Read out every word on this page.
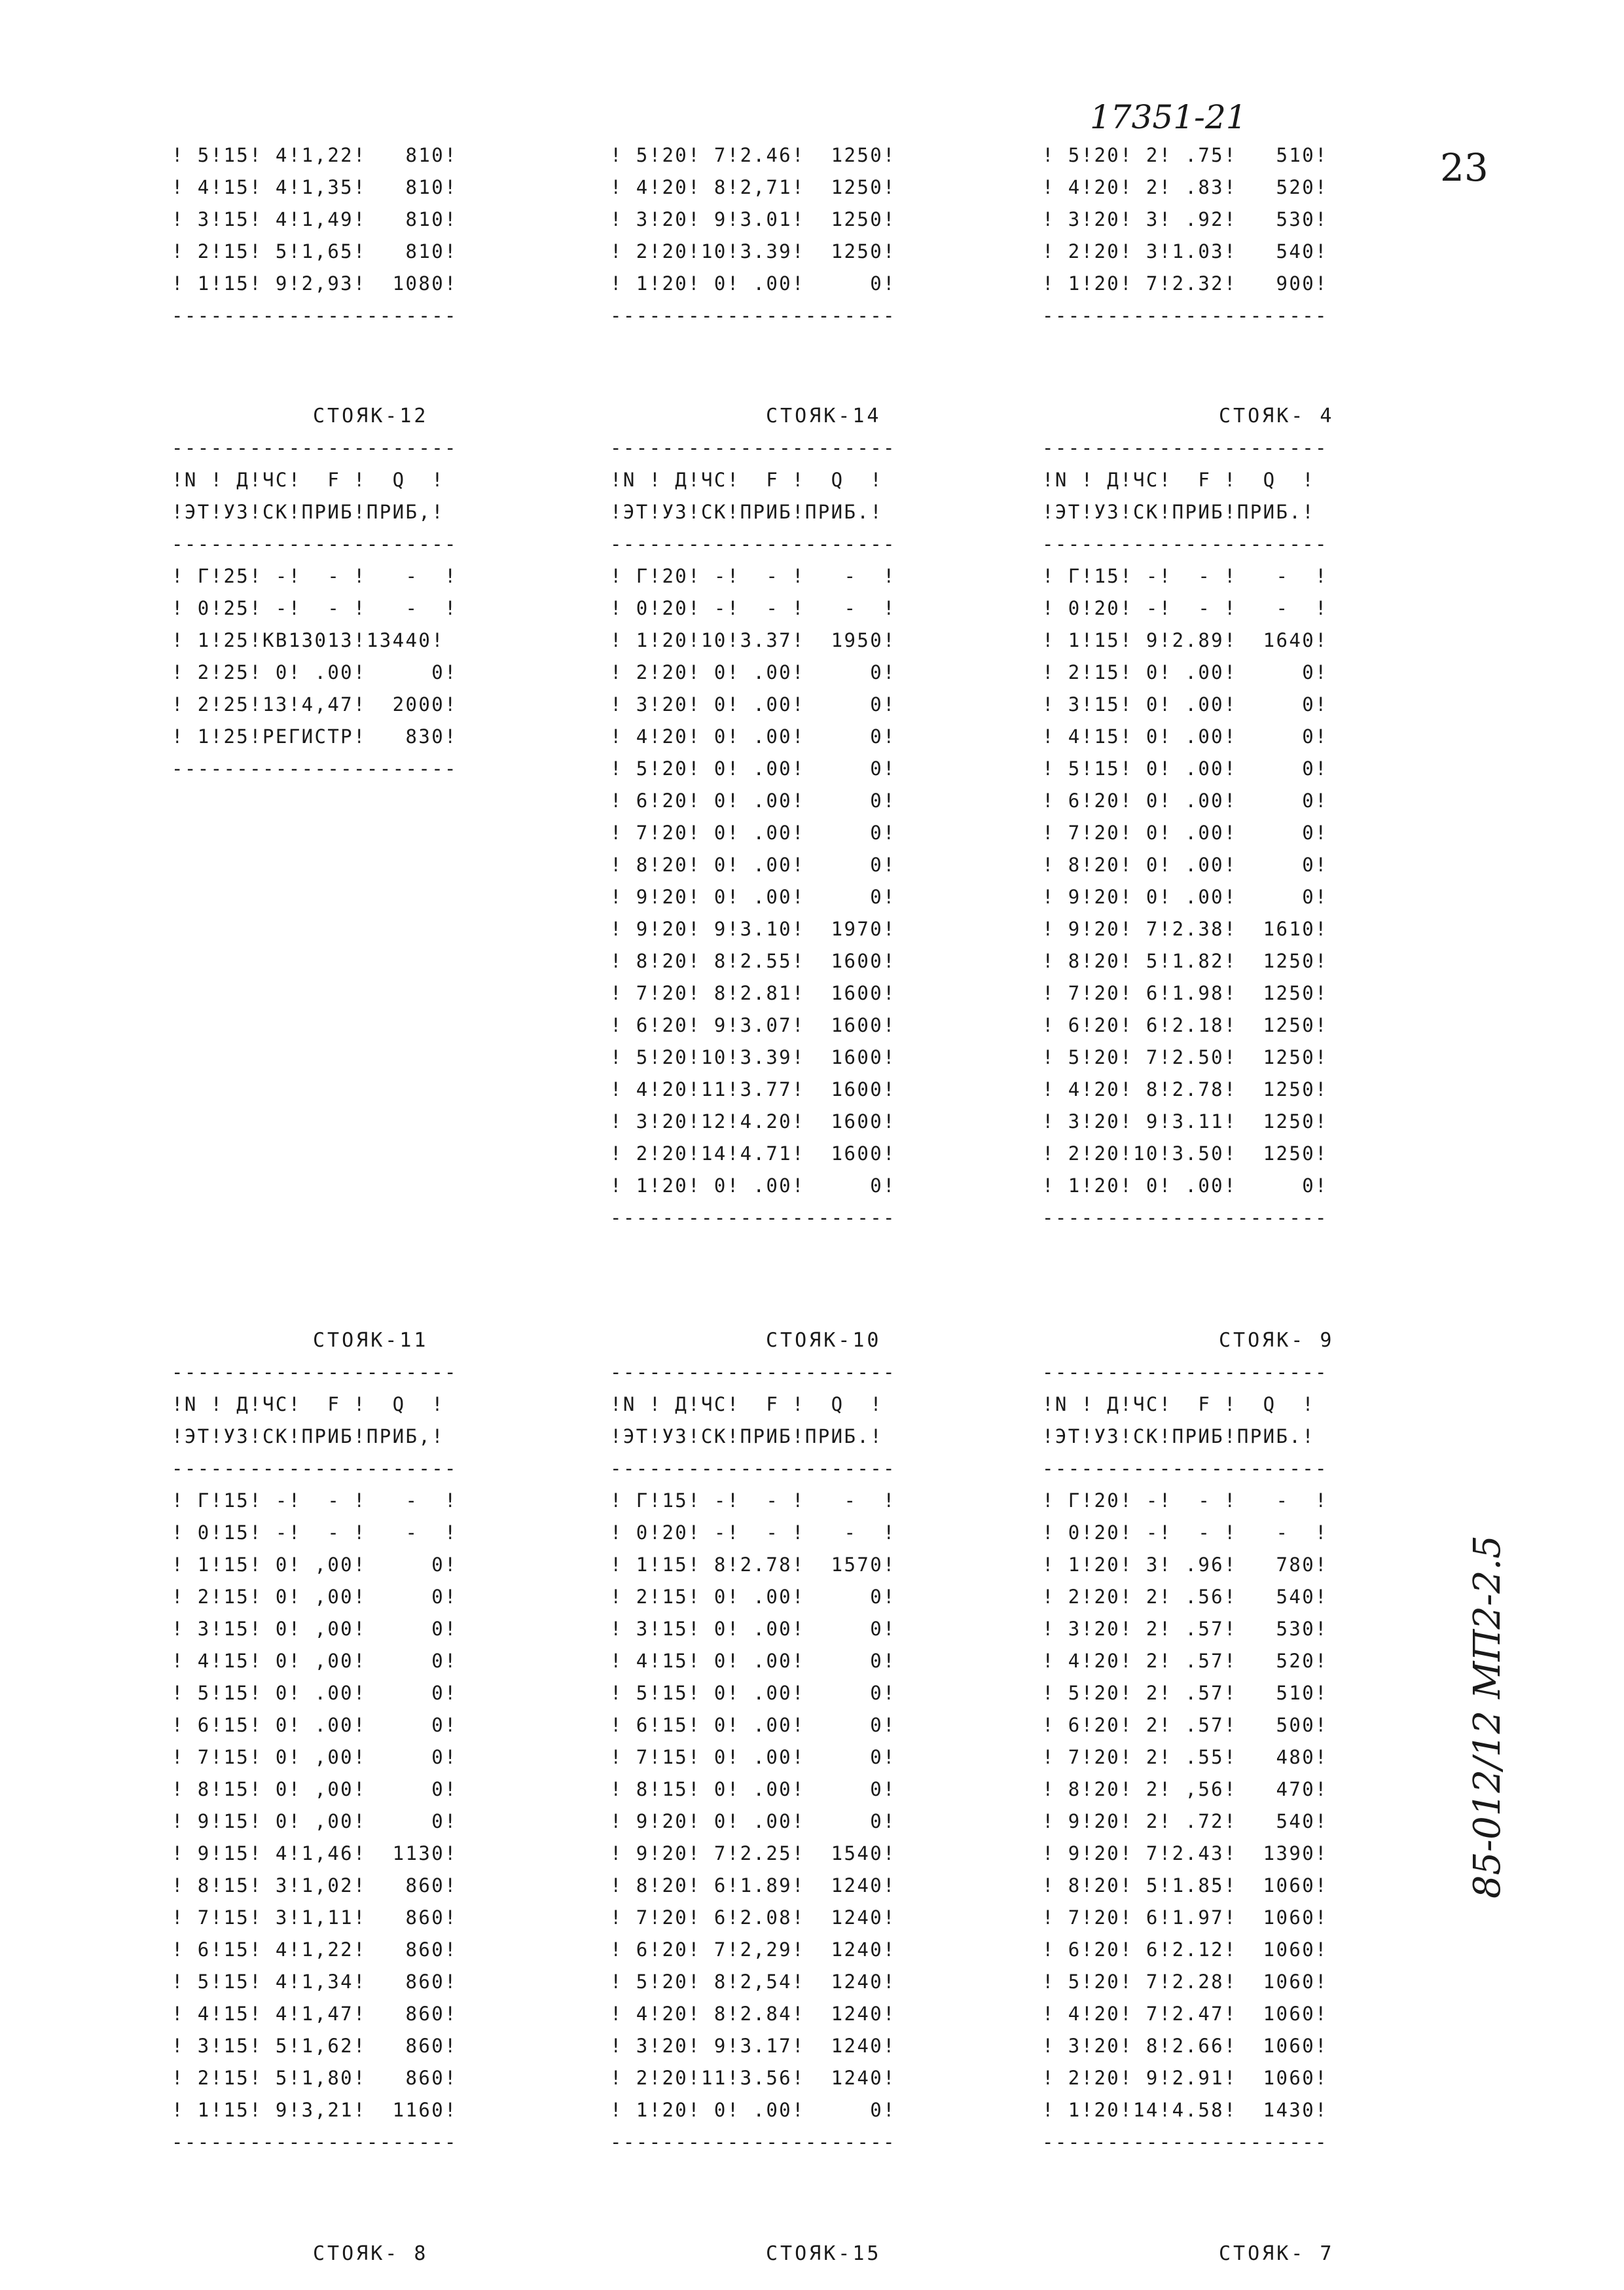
17351-21
23
85-012/12 МП2-2.5
! 5!15! 4!1,22!   810!
! 4!15! 4!1,35!   810!
! 3!15! 4!1,49!   810!
! 2!15! 5!1,65!   810!
! 1!15! 9!2,93!  1080!
----------------------
! 5!20! 7!2.46!  1250!
! 4!20! 8!2,71!  1250!
! 3!20! 9!3.01!  1250!
! 2!20!10!3.39!  1250!
! 1!20! 0! .00!     0!
----------------------
! 5!20! 2! .75!   510!
! 4!20! 2! .83!   520!
! 3!20! 3! .92!   530!
! 2!20! 3!1.03!   540!
! 1!20! 7!2.32!   900!
----------------------
СТОЯК-12	СТОЯК-14	СТОЯК- 4
----------------------
!N ! Д!ЧС!  F !  Q  !
!ЭТ!УЗ!СК!ПРИБ!ПРИБ,!
----------------------
! Г!25! -!  - !   -  !
! 0!25! -!  - !   -  !
! 1!25!КВ13013!13440!
! 2!25! 0! .00!     0!
! 2!25!13!4,47!  2000!
! 1!25!РЕГИСТР!   830!
----------------------
----------------------
!N ! Д!ЧС!  F !  Q  !
!ЭТ!УЗ!СК!ПРИБ!ПРИБ.!
----------------------
! Г!20! -!  - !   -  !
! 0!20! -!  - !   -  !
! 1!20!10!3.37!  1950!
! 2!20! 0! .00!     0!
! 3!20! 0! .00!     0!
! 4!20! 0! .00!     0!
! 5!20! 0! .00!     0!
! 6!20! 0! .00!     0!
! 7!20! 0! .00!     0!
! 8!20! 0! .00!     0!
! 9!20! 0! .00!     0!
! 9!20! 9!3.10!  1970!
! 8!20! 8!2.55!  1600!
! 7!20! 8!2.81!  1600!
! 6!20! 9!3.07!  1600!
! 5!20!10!3.39!  1600!
! 4!20!11!3.77!  1600!
! 3!20!12!4.20!  1600!
! 2!20!14!4.71!  1600!
! 1!20! 0! .00!     0!
----------------------
----------------------
!N ! Д!ЧС!  F !  Q  !
!ЭТ!УЗ!СК!ПРИБ!ПРИБ.!
----------------------
! Г!15! -!  - !   -  !
! 0!20! -!  - !   -  !
! 1!15! 9!2.89!  1640!
! 2!15! 0! .00!     0!
! 3!15! 0! .00!     0!
! 4!15! 0! .00!     0!
! 5!15! 0! .00!     0!
! 6!20! 0! .00!     0!
! 7!20! 0! .00!     0!
! 8!20! 0! .00!     0!
! 9!20! 0! .00!     0!
! 9!20! 7!2.38!  1610!
! 8!20! 5!1.82!  1250!
! 7!20! 6!1.98!  1250!
! 6!20! 6!2.18!  1250!
! 5!20! 7!2.50!  1250!
! 4!20! 8!2.78!  1250!
! 3!20! 9!3.11!  1250!
! 2!20!10!3.50!  1250!
! 1!20! 0! .00!     0!
----------------------
СТОЯК-11	СТОЯК-10	СТОЯК- 9
----------------------
!N ! Д!ЧС!  F !  Q  !
!ЭТ!УЗ!СК!ПРИБ!ПРИБ,!
----------------------
! Г!15! -!  - !   -  !
! 0!15! -!  - !   -  !
! 1!15! 0! ,00!     0!
! 2!15! 0! ,00!     0!
! 3!15! 0! ,00!     0!
! 4!15! 0! ,00!     0!
! 5!15! 0! .00!     0!
! 6!15! 0! .00!     0!
! 7!15! 0! ,00!     0!
! 8!15! 0! ,00!     0!
! 9!15! 0! ,00!     0!
! 9!15! 4!1,46!  1130!
! 8!15! 3!1,02!   860!
! 7!15! 3!1,11!   860!
! 6!15! 4!1,22!   860!
! 5!15! 4!1,34!   860!
! 4!15! 4!1,47!   860!
! 3!15! 5!1,62!   860!
! 2!15! 5!1,80!   860!
! 1!15! 9!3,21!  1160!
----------------------
----------------------
!N ! Д!ЧС!  F !  Q  !
!ЭТ!УЗ!СК!ПРИБ!ПРИБ.!
----------------------
! Г!15! -!  - !   -  !
! 0!20! -!  - !   -  !
! 1!15! 8!2.78!  1570!
! 2!15! 0! .00!     0!
! 3!15! 0! .00!     0!
! 4!15! 0! .00!     0!
! 5!15! 0! .00!     0!
! 6!15! 0! .00!     0!
! 7!15! 0! .00!     0!
! 8!15! 0! .00!     0!
! 9!20! 0! .00!     0!
! 9!20! 7!2.25!  1540!
! 8!20! 6!1.89!  1240!
! 7!20! 6!2.08!  1240!
! 6!20! 7!2,29!  1240!
! 5!20! 8!2,54!  1240!
! 4!20! 8!2.84!  1240!
! 3!20! 9!3.17!  1240!
! 2!20!11!3.56!  1240!
! 1!20! 0! .00!     0!
----------------------
----------------------
!N ! Д!ЧС!  F !  Q  !
!ЭТ!УЗ!СК!ПРИБ!ПРИБ.!
----------------------
! Г!20! -!  - !   -  !
! 0!20! -!  - !   -  !
! 1!20! 3! .96!   780!
! 2!20! 2! .56!   540!
! 3!20! 2! .57!   530!
! 4!20! 2! .57!   520!
! 5!20! 2! .57!   510!
! 6!20! 2! .57!   500!
! 7!20! 2! .55!   480!
! 8!20! 2! ,56!   470!
! 9!20! 2! .72!   540!
! 9!20! 7!2.43!  1390!
! 8!20! 5!1.85!  1060!
! 7!20! 6!1.97!  1060!
! 6!20! 6!2.12!  1060!
! 5!20! 7!2.28!  1060!
! 4!20! 7!2.47!  1060!
! 3!20! 8!2.66!  1060!
! 2!20! 9!2.91!  1060!
! 1!20!14!4.58!  1430!
----------------------
СТОЯК- 8	СТОЯК-15	СТОЯК- 7
